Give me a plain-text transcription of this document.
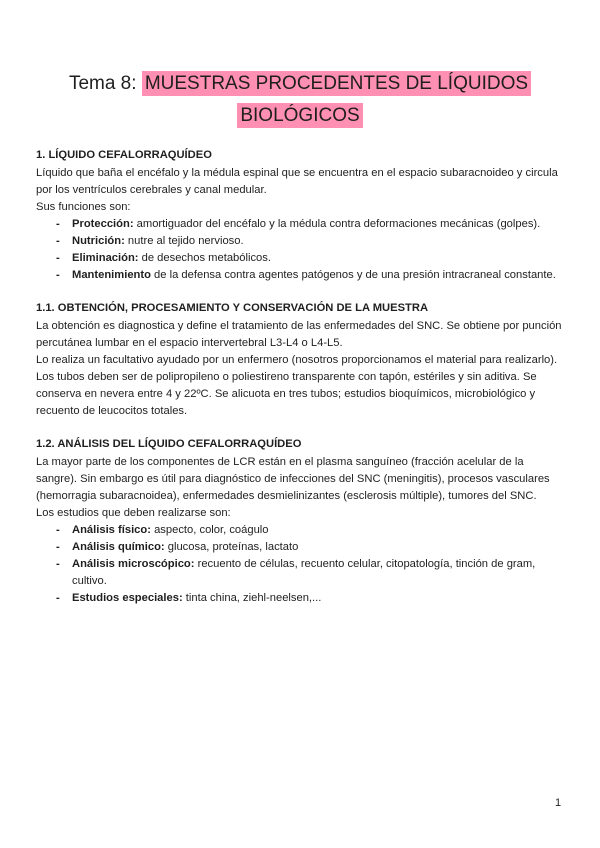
Tema 8: MUESTRAS PROCEDENTES DE LÍQUIDOS
BIOLÓGICOS
1. LÍQUIDO CEFALORRAQUÍDEO

Líquido que baña el encéfalo y la médula espinal que se encuentra en el espacio subaracnoideo y circula por los ventrículos cerebrales y canal medular.

Sus funciones son:

- Protección: amortiguador del encéfalo y la médula contra deformaciones mecánicas (golpes).
- Nutrición: nutre al tejido nervioso.
- Eliminación: de desechos metabólicos.
- Mantenimiento de la defensa contra agentes patógenos y de una presión intracraneal constante.
1.1. OBTENCIÓN, PROCESAMIENTO Y CONSERVACIÓN DE LA MUESTRA

La obtención es diagnostica y define el tratamiento de las enfermedades del SNC. Se obtiene por punción percutánea lumbar en el espacio intervertebral L3-L4 o L4-L5.

Lo realiza un facultativo ayudado por un enfermero (nosotros proporcionamos el material para realizarlo). Los tubos deben ser de polipropileno o poliestireno transparente con tapón, estériles y sin aditiva. Se conserva en nevera entre 4 y 22ºC. Se alicuota en tres tubos; estudios bioquímicos, microbiológico y recuento de leucocitos totales.

1.2. ANÁLISIS DEL LÍQUIDO CEFALORRAQUÍDEO

La mayor parte de los componentes de LCR están en el plasma sanguíneo (fracción acelular de la sangre). Sin embargo es útil para diagnóstico de infecciones del SNC (meningitis), procesos vasculares (hemorragia subaracnoidea), enfermedades desmielinizantes (esclerosis múltiple), tumores del SNC.

Los estudios que deben realizarse son:

- Análisis físico: aspecto, color, coágulo
- Análisis químico: glucosa, proteínas, lactato
- Análisis microscópico: recuento de células, recuento celular, citopatología, tinción de gram, cultivo.
- Estudios especiales: tinta china, ziehl-neelsen,...
1
